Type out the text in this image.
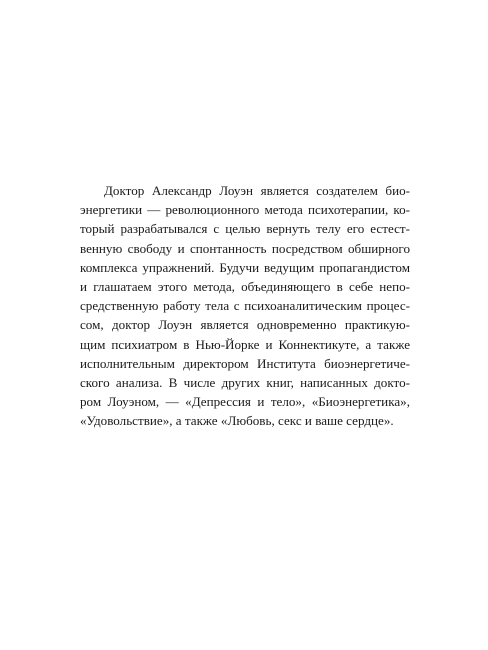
Доктор Александр Лоуэн является создателем био-
энергетики — революционного метода психотерапии, ко-
торый разрабатывался с целью вернуть телу его естест-
венную свободу и спонтанность посредством обширного
комплекса упражнений. Будучи ведущим пропагандистом
и глашатаем этого метода, объединяющего в себе непо-
средственную работу тела с психоаналитическим процес-
сом, доктор Лоуэн является одновременно практикую-
щим психиатром в Нью-Йорке и Коннектикуте, а также
исполнительным директором Института биоэнергетиче-
ского анализа. В числе других книг, написанных докто-
ром Лоуэном, — «Депрессия и тело», «Биоэнергетика»,
«Удовольствие», а также «Любовь, секс и ваше сердце».
